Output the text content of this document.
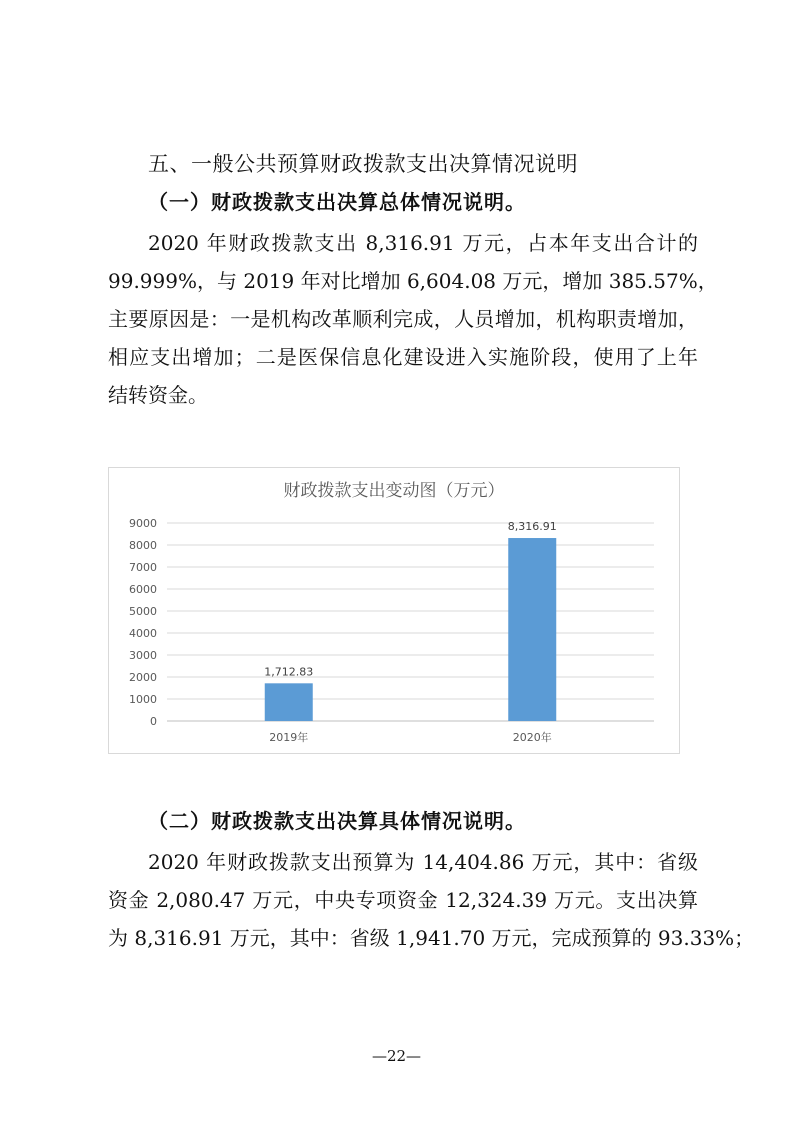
五、一般公共预算财政拨款支出决算情况说明
（一）财政拨款支出决算总体情况说明。
2020 年财政拨款支出 8,316.91 万元，占本年支出合计的
99.999%，与 2019 年对比增加 6,604.08 万元，增加 385.57%，
主要原因是：一是机构改革顺利完成，人员增加，机构职责增加，
相应支出增加；二是医保信息化建设进入实施阶段，使用了上年
结转资金。
财政拨款支出变动图（万元）
0
1000
2000
3000
4000
5000
6000
7000
8000
9000
1,712.83
8,316.91
2019年	2020年
（二）财政拨款支出决算具体情况说明。
2020 年财政拨款支出预算为 14,404.86 万元，其中：省级
资金 2,080.47 万元，中央专项资金 12,324.39 万元。支出决算
为 8,316.91 万元，其中：省级 1,941.70 万元，完成预算的 93.33%；
—22—
